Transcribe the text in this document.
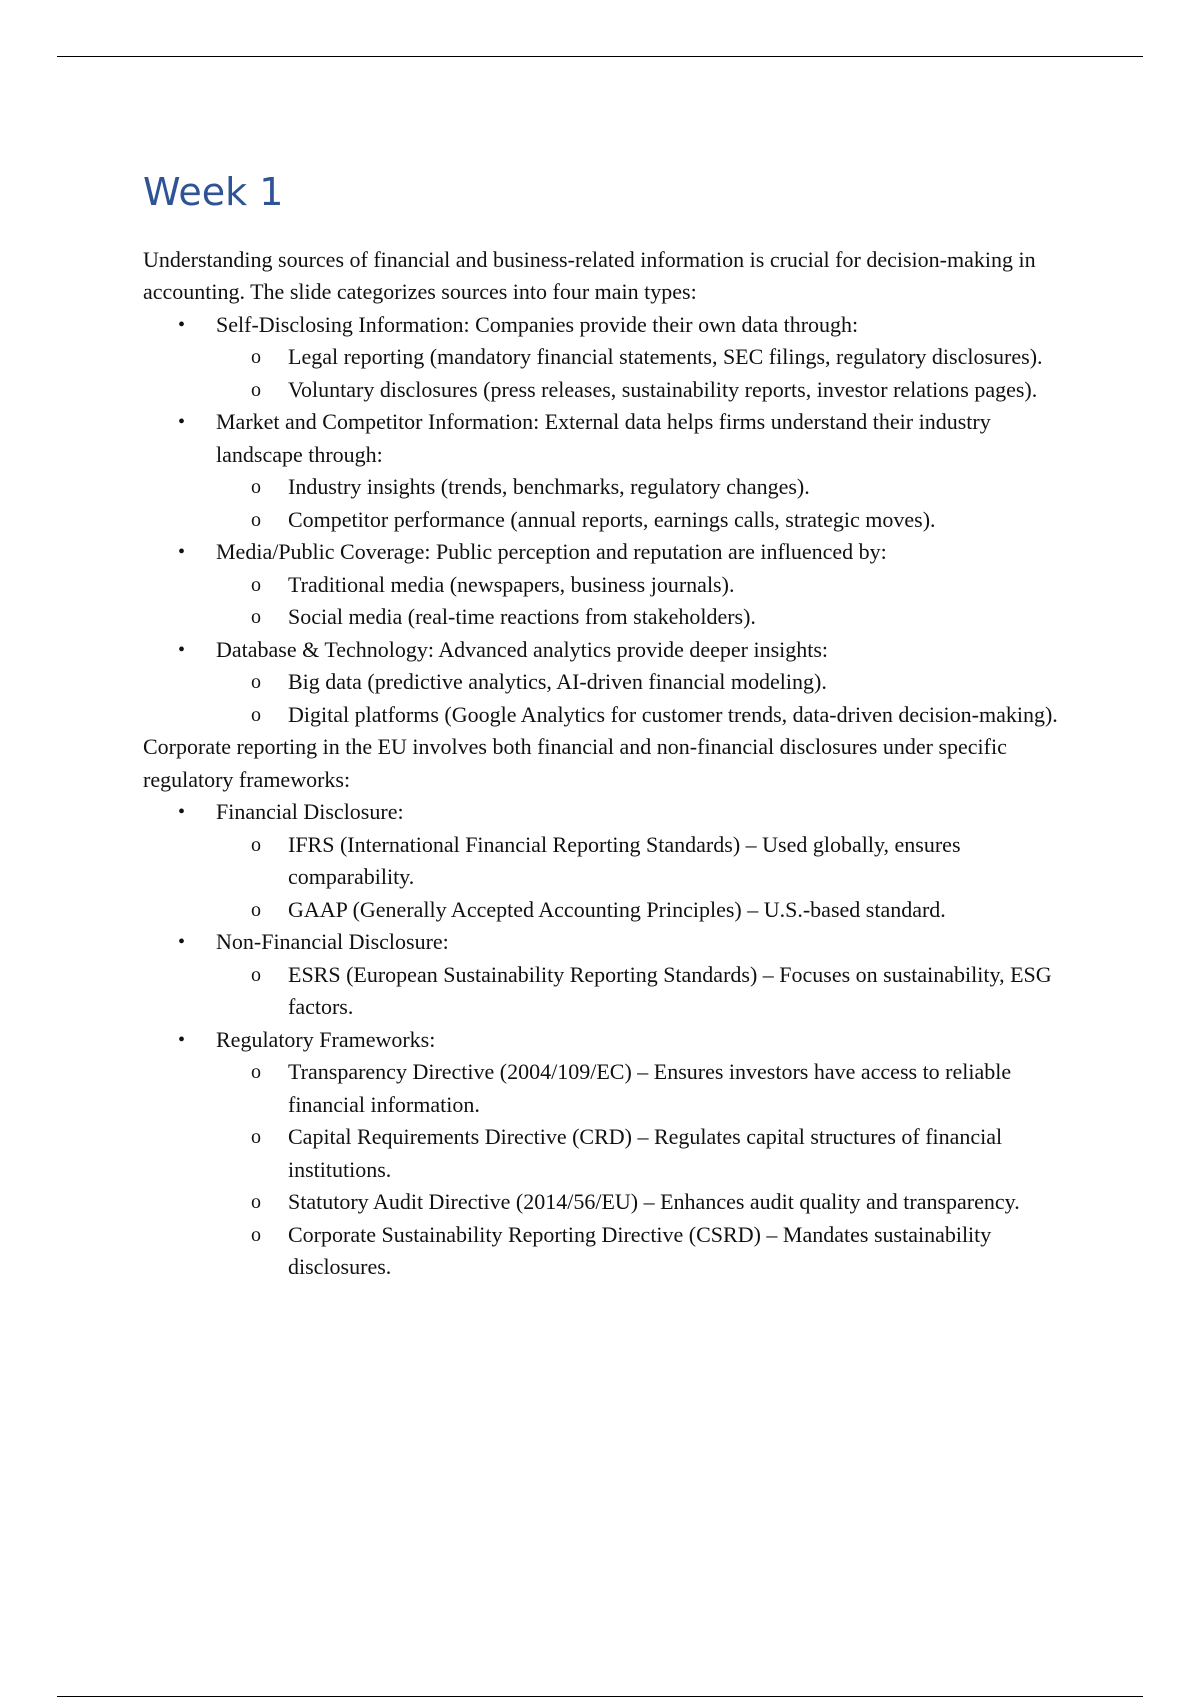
Week 1

Understanding sources of financial and business-related information is crucial for decision-making in accounting. The slide categorizes sources into four main types:

• Self-Disclosing Information: Companies provide their own data through:
o Legal reporting (mandatory financial statements, SEC filings, regulatory disclosures).
o Voluntary disclosures (press releases, sustainability reports, investor relations pages).
• Market and Competitor Information: External data helps firms understand their industry landscape through:
o Industry insights (trends, benchmarks, regulatory changes).
o Competitor performance (annual reports, earnings calls, strategic moves).
• Media/Public Coverage: Public perception and reputation are influenced by:
o Traditional media (newspapers, business journals).
o Social media (real-time reactions from stakeholders).
• Database & Technology: Advanced analytics provide deeper insights:
o Big data (predictive analytics, AI-driven financial modeling).
o Digital platforms (Google Analytics for customer trends, data-driven decision-making).

Corporate reporting in the EU involves both financial and non-financial disclosures under specific regulatory frameworks:

• Financial Disclosure:
o IFRS (International Financial Reporting Standards) – Used globally, ensures comparability.
o GAAP (Generally Accepted Accounting Principles) – U.S.-based standard.
• Non-Financial Disclosure:
o ESRS (European Sustainability Reporting Standards) – Focuses on sustainability, ESG factors.
• Regulatory Frameworks:
o Transparency Directive (2004/109/EC) – Ensures investors have access to reliable financial information.
o Capital Requirements Directive (CRD) – Regulates capital structures of financial institutions.
o Statutory Audit Directive (2014/56/EU) – Enhances audit quality and transparency.
o Corporate Sustainability Reporting Directive (CSRD) – Mandates sustainability disclosures.
